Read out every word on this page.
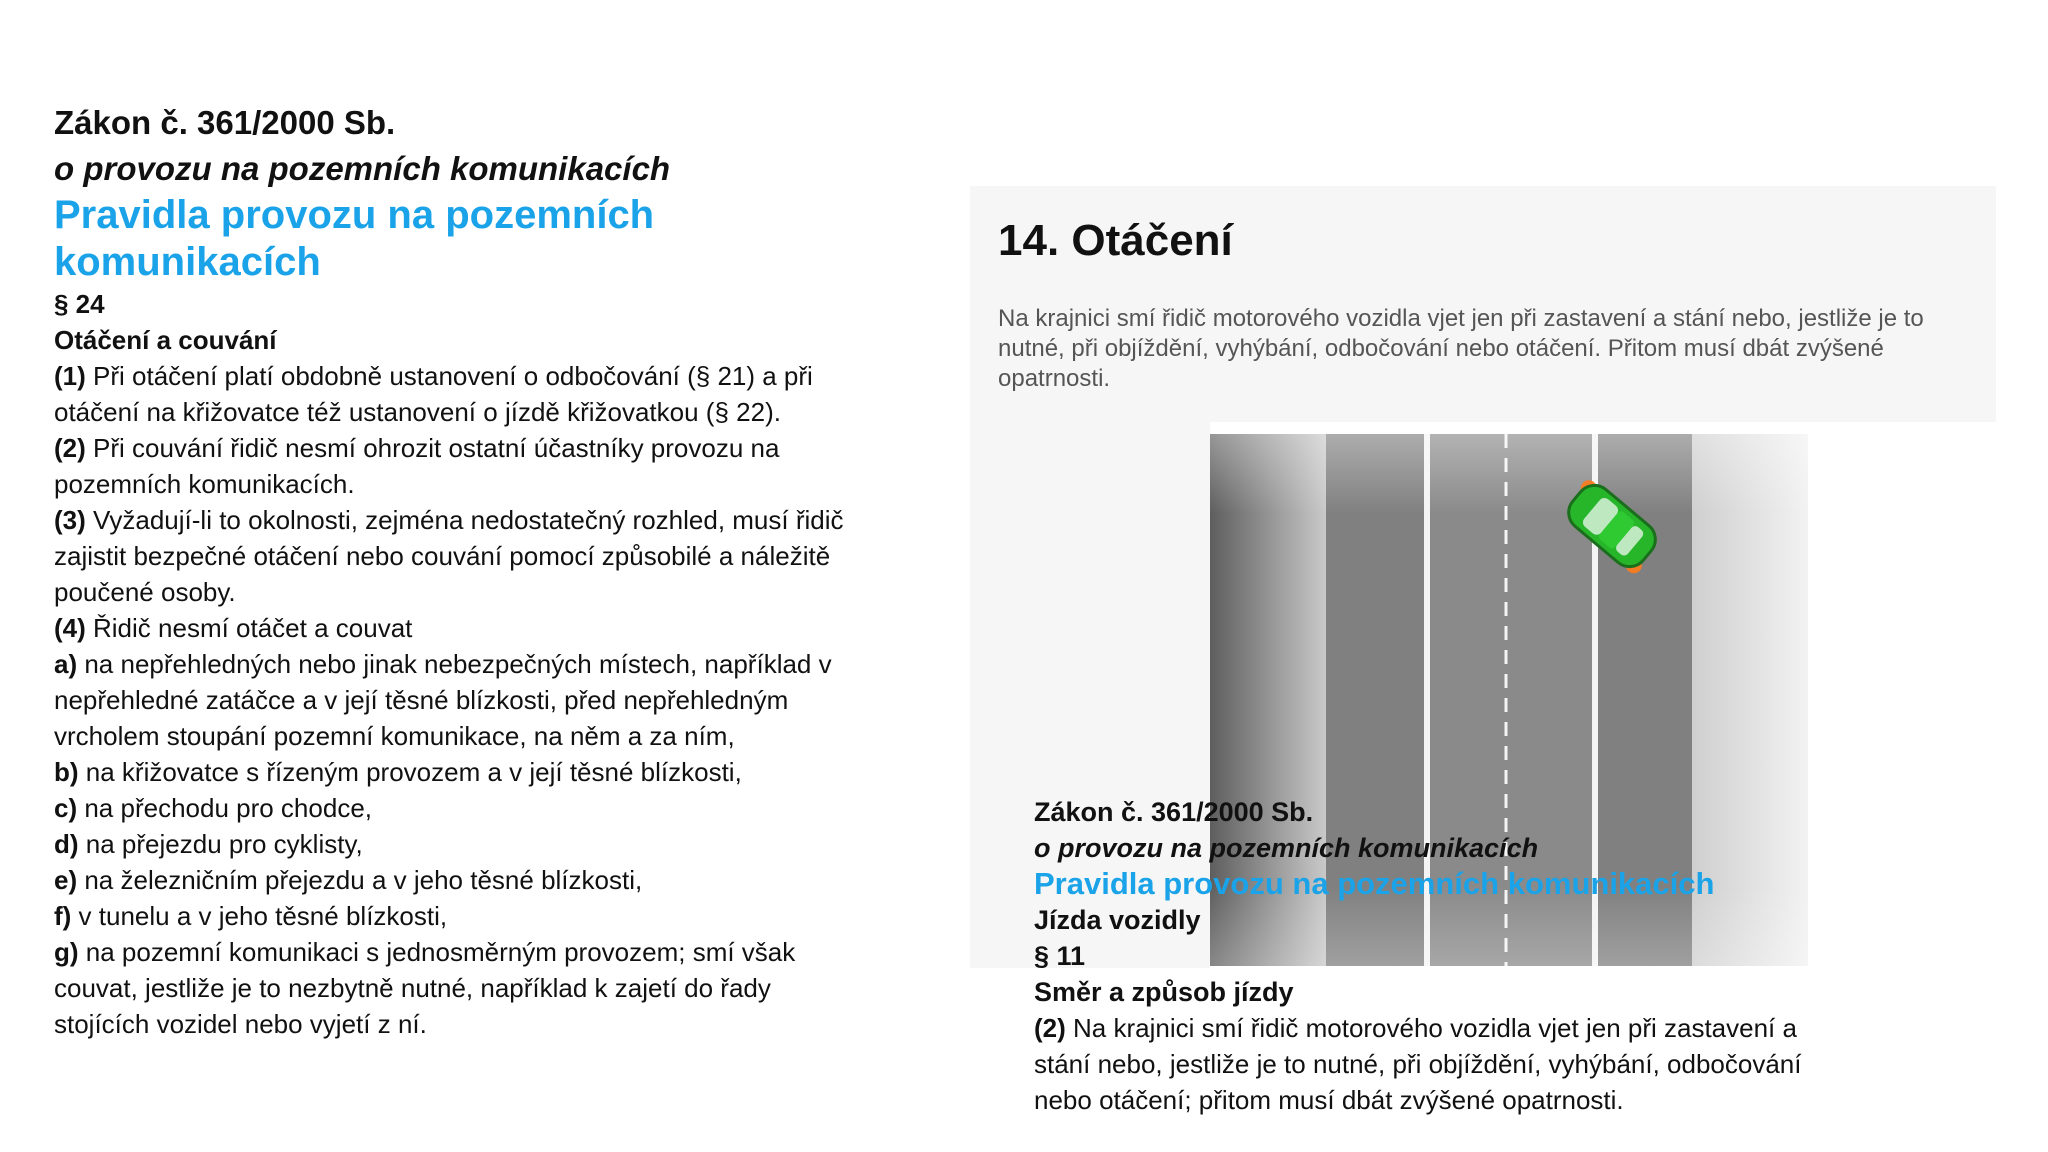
Zákon č. 361/2000 Sb.

o provozu na pozemních komunikacích

Pravidla provozu na pozemních

komunikacích

§ 24

Otáčení a couvání

(1) Při otáčení platí obdobně ustanovení o odbočování (§ 21) a při

otáčení na křižovatce též ustanovení o jízdě křižovatkou (§ 22).

(2) Při couvání řidič nesmí ohrozit ostatní účastníky provozu na

pozemních komunikacích.

(3) Vyžadují-li to okolnosti, zejména nedostatečný rozhled, musí řidič

zajistit bezpečné otáčení nebo couvání pomocí způsobilé a náležitě

poučené osoby.

(4) Řidič nesmí otáčet a couvat

a) na nepřehledných nebo jinak nebezpečných místech, například v

nepřehledné zatáčce a v její těsné blízkosti, před nepřehledným

vrcholem stoupání pozemní komunikace, na něm a za ním,

b) na křižovatce s řízeným provozem a v její těsné blízkosti,

c) na přechodu pro chodce,

d) na přejezdu pro cyklisty,

e) na železničním přejezdu a v jeho těsné blízkosti,

f) v tunelu a v jeho těsné blízkosti,

g) na pozemní komunikaci s jednosměrným provozem; smí však

couvat, jestliže je to nezbytně nutné, například k zajetí do řady

stojících vozidel nebo vyjetí z ní.

14. Otáčení

Na krajnici smí řidič motorového vozidla vjet jen při zastavení a stání nebo, jestliže je to nutné, při objíždění, vyhýbání, odbočování nebo otáčení. Přitom musí dbát zvýšené opatrnosti.

Zákon č. 361/2000 Sb.

o provozu na pozemních komunikacích

Pravidla provozu na pozemních komunikacích

Jízda vozidly

§ 11

Směr a způsob jízdy

(2) Na krajnici smí řidič motorového vozidla vjet jen při zastavení a

stání nebo, jestliže je to nutné, při objíždění, vyhýbání, odbočování

nebo otáčení; přitom musí dbát zvýšené opatrnosti.
